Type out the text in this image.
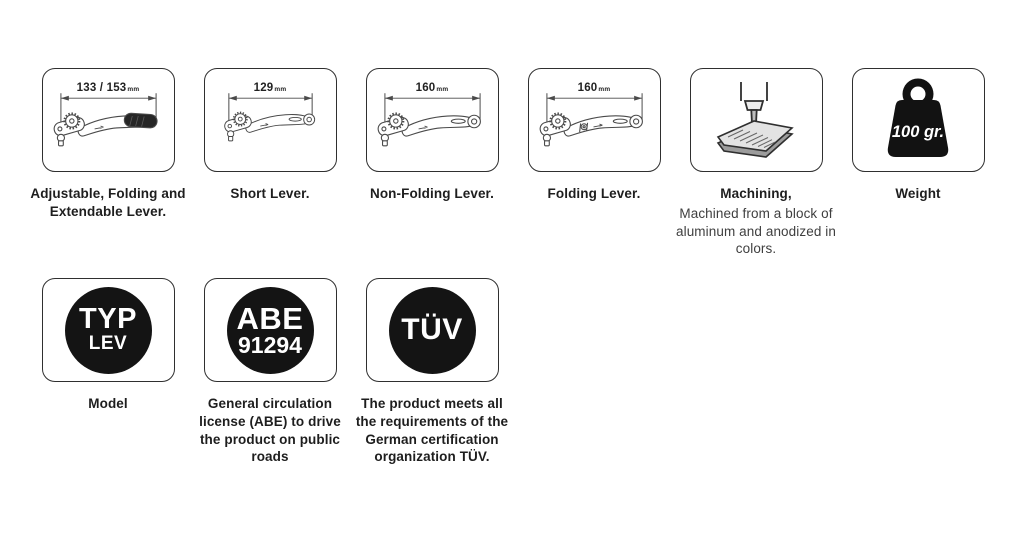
133 / 153mm
Adjustable, Folding and Extendable Lever.
129mm
Short Lever.
160mm
Non-Folding Lever.
160mm
Folding Lever.	Machining,
Machined from a block of aluminum and anodized in colors.
100 gr.
Weight
TYP
LEV
Model
ABE
91294
General circulation license (ABE) to drive the product on public roads
TÜV
The product meets all the requirements of the German certification organization TÜV.
